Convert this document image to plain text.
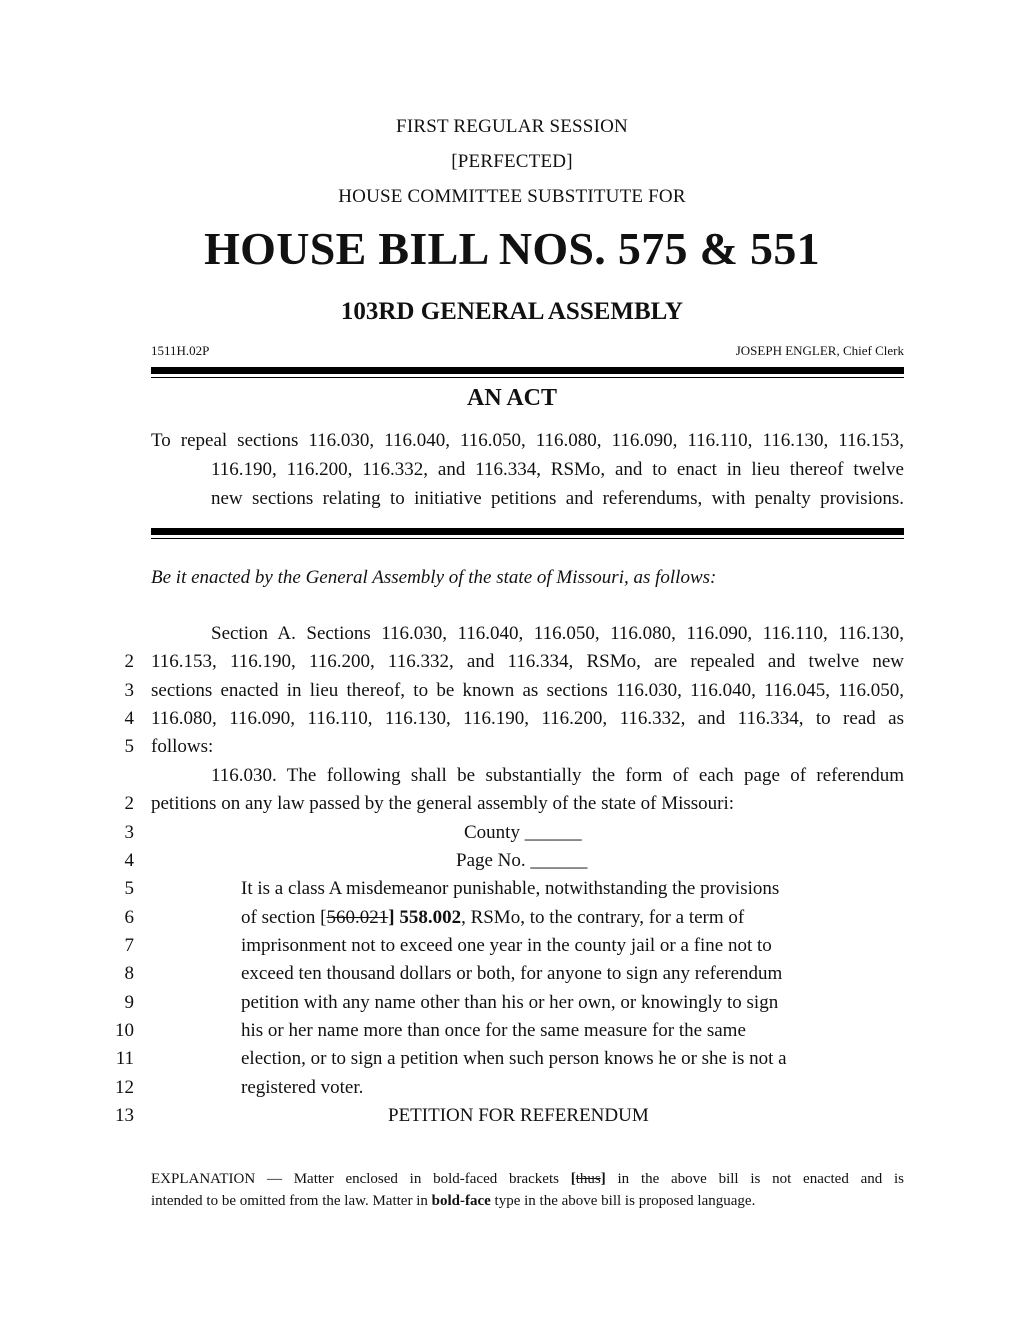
FIRST REGULAR SESSION
[PERFECTED]
HOUSE COMMITTEE SUBSTITUTE FOR
HOUSE BILL NOS. 575 & 551
103RD GENERAL ASSEMBLY
1511H.02P	JOSEPH ENGLER, Chief Clerk
AN ACT
To repeal sections 116.030, 116.040, 116.050, 116.080, 116.090, 116.110, 116.130, 116.153,
116.190, 116.200, 116.332, and 116.334, RSMo, and to enact in lieu thereof twelve
new sections relating to initiative petitions and referendums, with penalty provisions.
Be it enacted by the General Assembly of the state of Missouri, as follows:
Section A. Sections 116.030, 116.040, 116.050, 116.080, 116.090, 116.110, 116.130,
2 116.153, 116.190, 116.200, 116.332, and 116.334, RSMo, are repealed and twelve new
3 sections enacted in lieu thereof, to be known as sections 116.030, 116.040, 116.045, 116.050,
4 116.080, 116.090, 116.110, 116.130, 116.190, 116.200, 116.332, and 116.334, to read as
5 follows:
116.030. The following shall be substantially the form of each page of referendum
2 petitions on any law passed by the general assembly of the state of Missouri:
3	County ______
4	Page No. ______
5	It is a class A misdemeanor punishable, notwithstanding the provisions
6	of section [560.021] 558.002, RSMo, to the contrary, for a term of
7	imprisonment not to exceed one year in the county jail or a fine not to
8	exceed ten thousand dollars or both, for anyone to sign any referendum
9	petition with any name other than his or her own, or knowingly to sign
10	his or her name more than once for the same measure for the same
11	election, or to sign a petition when such person knows he or she is not a
12	registered voter.
13	PETITION FOR REFERENDUM
EXPLANATION — Matter enclosed in bold-faced brackets [thus] in the above bill is not enacted and is
intended to be omitted from the law. Matter in bold-face type in the above bill is proposed language.
